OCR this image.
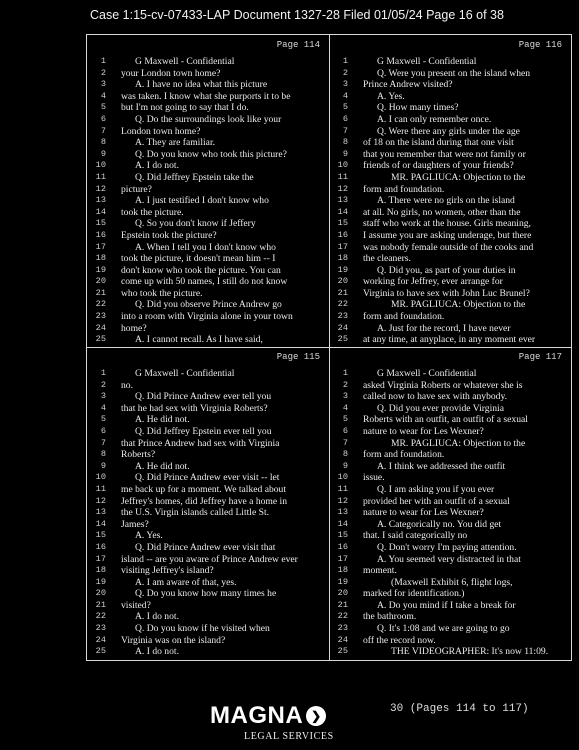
Case 1:15-cv-07433-LAP Document 1327-28 Filed 01/05/24 Page 16 of 38
Page 114
1	G Maxwell - Confidential
2 your London town home?
3	A. I have no idea what this picture
4 was taken. I know what she purports it to be
5 but I'm not going to say that I do.
6	Q. Do the surroundings look like your
7 London town home?
8	A. They are familiar.
9	Q. Do you know who took this picture?
10	A. I do not.
11	Q. Did Jeffrey Epstein take the
12 picture?
13	A. I just testified I don't know who
14 took the picture.
15	Q. So you don't know if Jeffery
16 Epstein took the picture?
17	A. When I tell you I don't know who
18 took the picture, it doesn't mean him -- I
19 don't know who took the picture. You can
20 come up with 50 names, I still do not know
21 who took the picture.
22	Q. Did you observe Prince Andrew go
23 into a room with Virginia alone in your town
24 home?
25	A. I cannot recall. As I have said,
Page 116
1	G Maxwell - Confidential
2	Q. Were you present on the island when
3 Prince Andrew visited?
4	A. Yes.
5	Q. How many times?
6	A. I can only remember once.
7	Q. Were there any girls under the age
8 of 18 on the island during that one visit
9 that you remember that were not family or
10 friends of or daughters of your friends?
11	MR. PAGLIUCA: Objection to the
12 form and foundation.
13	A. There were no girls on the island
14 at all. No girls, no women, other than the
15 staff who work at the house. Girls meaning,
16 I assume you are asking underage, but there
17 was nobody female outside of the cooks and
18 the cleaners.
19	Q. Did you, as part of your duties in
20 working for Jeffrey, ever arrange for
21 Virginia to have sex with John Luc Brunel?
22	MR. PAGLIUCA: Objection to the
23 form and foundation.
24	A. Just for the record, I have never
25 at any time, at anyplace, in any moment ever
Page 115
1	G Maxwell - Confidential
2 no.
3	Q. Did Prince Andrew ever tell you
4 that he had sex with Virginia Roberts?
5	A. He did not.
6	Q. Did Jeffrey Epstein ever tell you
7 that Prince Andrew had sex with Virginia
8 Roberts?
9	A. He did not.
10	Q. Did Prince Andrew ever visit -- let
11 me back up for a moment. We talked about
12 Jeffrey's homes, did Jeffrey have a home in
13 the U.S. Virgin islands called Little St.
14 James?
15	A. Yes.
16	Q. Did Prince Andrew ever visit that
17 island -- are you aware of Prince Andrew ever
18 visiting Jeffrey's island?
19	A. I am aware of that, yes.
20	Q. Do you know how many times he
21 visited?
22	A. I do not.
23	Q. Do you know if he visited when
24 Virginia was on the island?
25	A. I do not.
Page 117
1	G Maxwell - Confidential
2 asked Virginia Roberts or whatever she is
3 called now to have sex with anybody.
4	Q. Did you ever provide Virginia
5 Roberts with an outfit, an outfit of a sexual
6 nature to wear for Les Wexner?
7	MR. PAGLIUCA: Objection to the
8 form and foundation.
9	A. I think we addressed the outfit
10 issue.
11	Q. I am asking you if you ever
12 provided her with an outfit of a sexual
13 nature to wear for Les Wexner?
14	A. Categorically no. You did get
15 that. I said categorically no
16	Q. Don't worry I'm paying attention.
17	A. You seemed very distracted in that
18 moment.
19	(Maxwell Exhibit 6, flight logs,
20 marked for identification.)
21	A. Do you mind if I take a break for
22 the bathroom.
23	Q. It's 1:08 and we are going to go
24 off the record now.
25	THE VIDEOGRAPHER: It's now 11:09.
MAGNA ❯
LEGAL SERVICES
30 (Pages 114 to 117)
